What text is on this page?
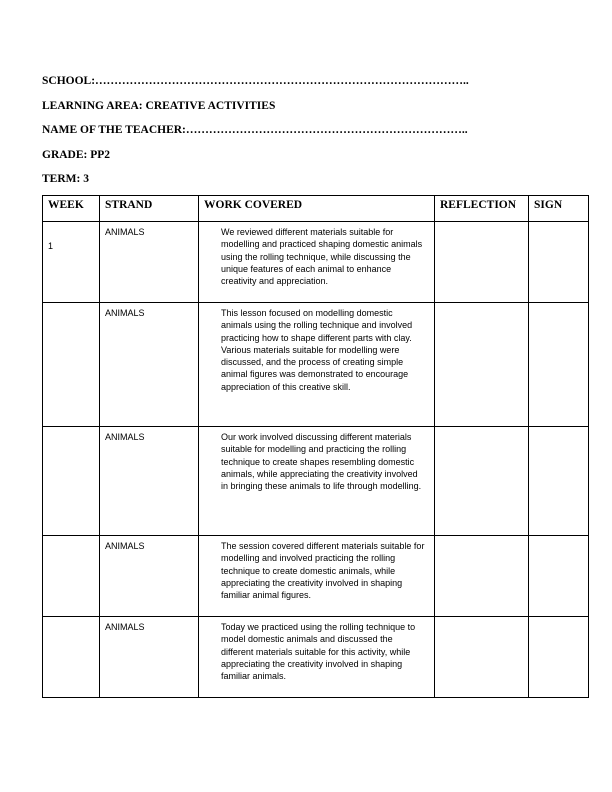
SCHOOL:……………………………………………………………………………………..
LEARNING AREA: CREATIVE ACTIVITIES
NAME OF THE TEACHER:………………………………………………………………..
GRADE: PP2
TERM: 3
WEEK	STRAND	WORK COVERED	REFLECTION	SIGN
1	ANIMALS	We reviewed different materials suitable for modelling and practiced shaping domestic animals using the rolling technique, while discussing the unique features of each animal to enhance creativity and appreciation.		
	ANIMALS	This lesson focused on modelling domestic animals using the rolling technique and involved practicing how to shape different parts with clay. Various materials suitable for modelling were discussed, and the process of creating simple animal figures was demonstrated to encourage appreciation of this creative skill.		
	ANIMALS	Our work involved discussing different materials suitable for modelling and practicing the rolling technique to create shapes resembling domestic animals, while appreciating the creativity involved in bringing these animals to life through modelling.		
	ANIMALS	The session covered different materials suitable for modelling and involved practicing the rolling technique to create domestic animals, while appreciating the creativity involved in shaping familiar animal figures.		
	ANIMALS	Today we practiced using the rolling technique to model domestic animals and discussed the different materials suitable for this activity, while appreciating the creativity involved in shaping familiar animals.		
